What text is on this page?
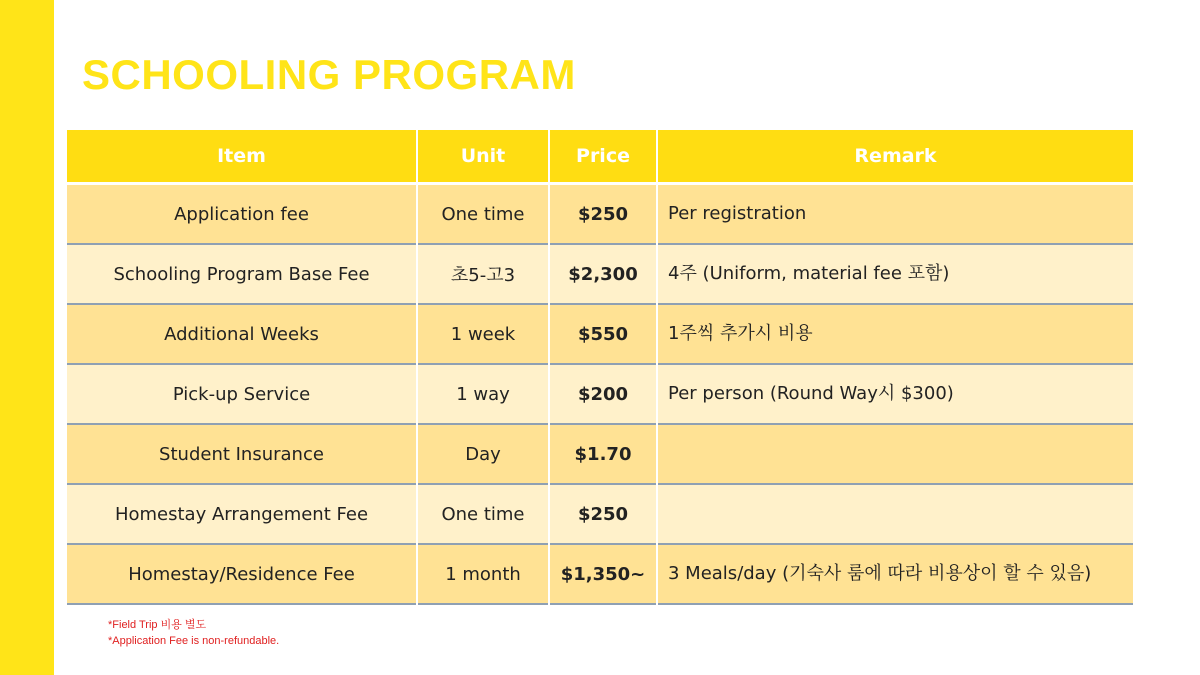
SCHOOLING PROGRAM
Item	Unit	Price	Remark
Application fee	One time	$250	Per registration
Schooling Program Base Fee	초5-고3	$2,300	4주 (Uniform, material fee 포함)
Additional Weeks	1 week	$550	1주씩 추가시 비용
Pick-up Service	1 way	$200	Per person (Round Way시 $300)
Student Insurance	Day	$1.70	
Homestay Arrangement Fee	One time	$250	
Homestay/Residence Fee	1 month	$1,350~	3 Meals/day (기숙사 룸에 따라 비용상이 할 수 있음)
*Field Trip 비용 별도
*Application Fee is non-refundable.
